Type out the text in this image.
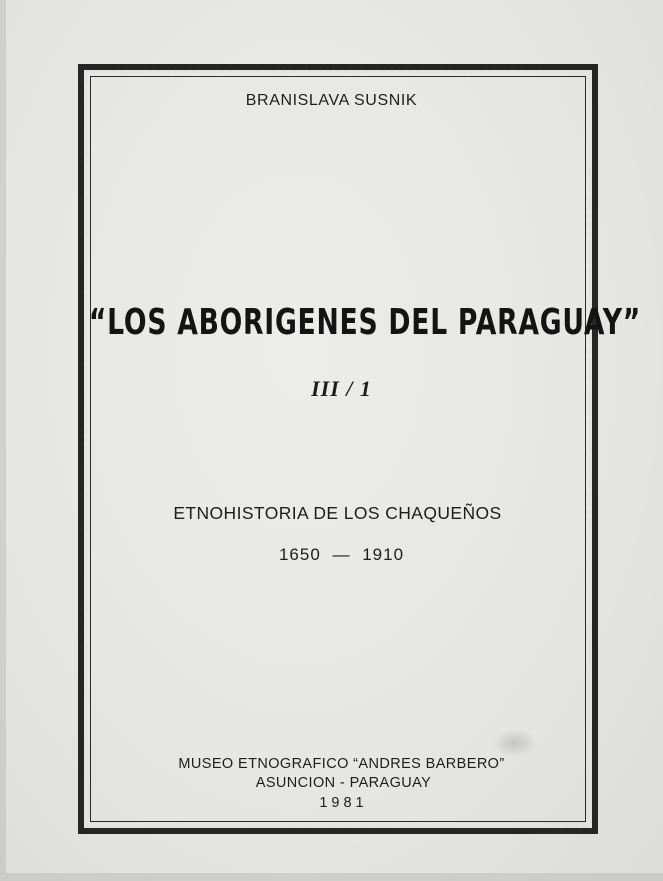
BRANISLAVA SUSNIK
“LOS ABORIGENES DEL PARAGUAY”
III / 1
ETNOHISTORIA DE LOS CHAQUEÑOS
1650 — 1910
MUSEO ETNOGRAFICO “ANDRES BARBERO”
ASUNCION - PARAGUAY
1981
